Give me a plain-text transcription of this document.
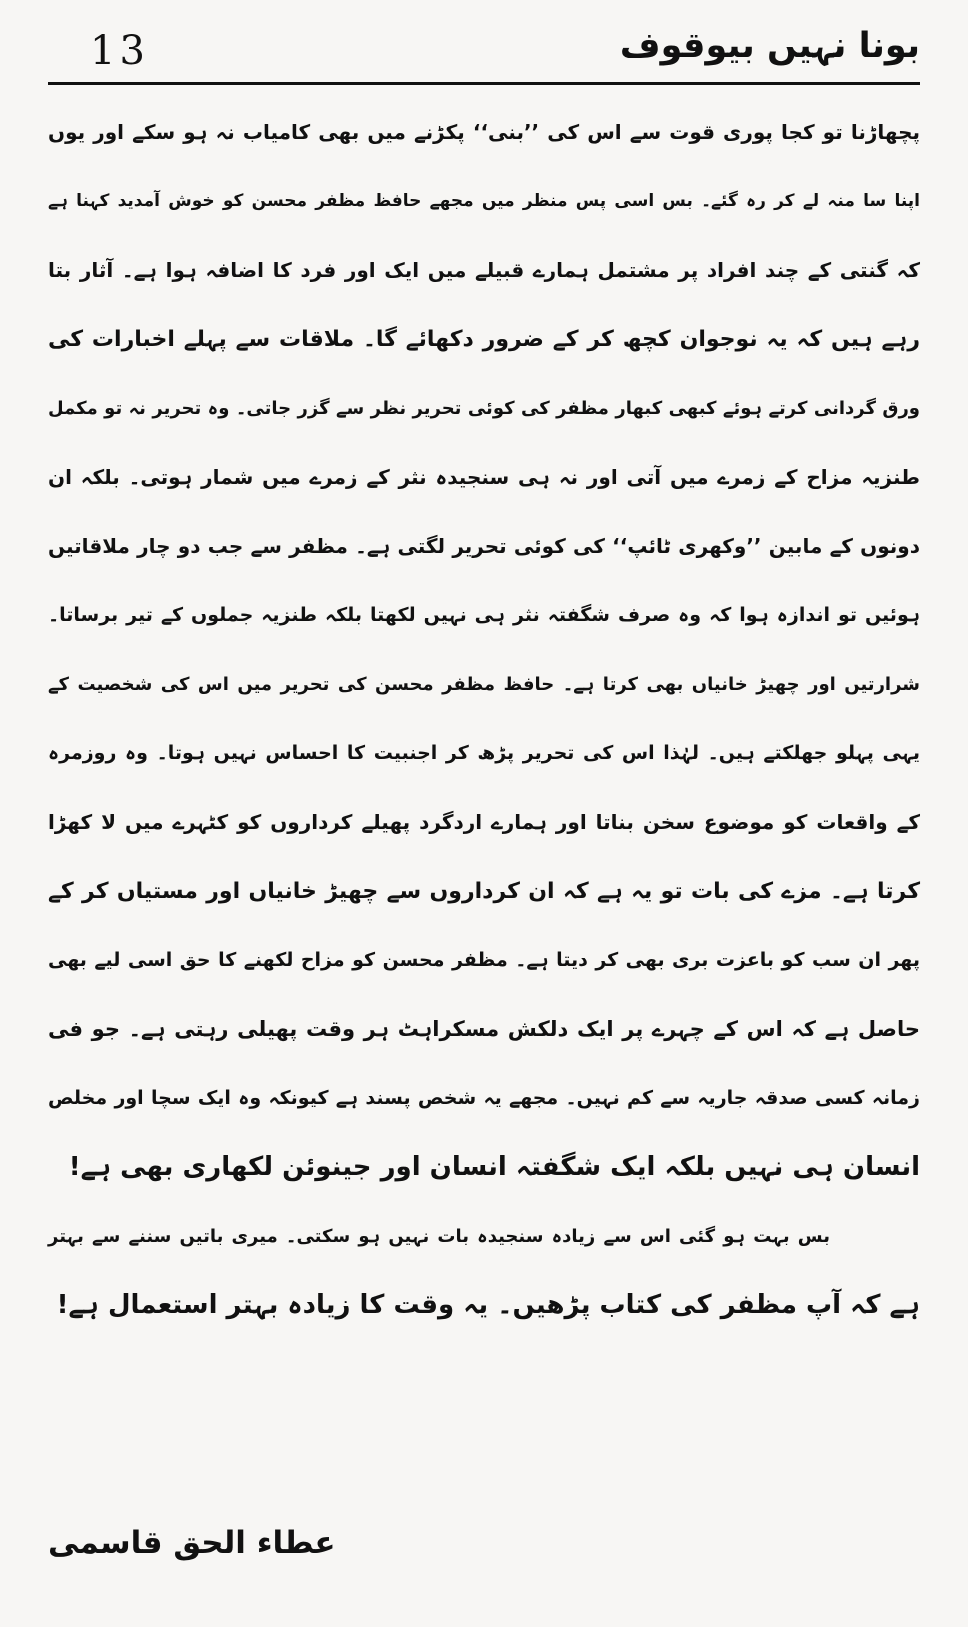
13	بونا نہیں بیوقوف
پچھاڑنا تو کجا پوری قوت سے اس کی ’’بنی‘‘ پکڑنے میں بھی کامیاب نہ ہو سکے اور یوں
اپنا سا منہ لے کر رہ گئے۔ بس اسی پس منظر میں مجھے حافظ مظفر محسن کو خوش آمدید کہنا ہے
کہ گنتی کے چند افراد پر مشتمل ہمارے قبیلے میں ایک اور فرد کا اضافہ ہوا ہے۔ آثار بتا
رہے ہیں کہ یہ نوجوان کچھ کر کے ضرور دکھائے گا۔ ملاقات سے پہلے اخبارات کی
ورق گردانی کرتے ہوئے کبھی کبھار مظفر کی کوئی تحریر نظر سے گزر جاتی۔ وہ تحریر نہ تو مکمل
طنزیہ مزاح کے زمرے میں آتی اور نہ ہی سنجیدہ نثر کے زمرے میں شمار ہوتی۔ بلکہ ان
دونوں کے مابین ’’وکھری ٹائپ‘‘ کی کوئی تحریر لگتی ہے۔ مظفر سے جب دو چار ملاقاتیں
ہوئیں تو اندازہ ہوا کہ وہ صرف شگفتہ نثر ہی نہیں لکھتا بلکہ طنزیہ جملوں کے تیر برساتا۔
شرارتیں اور چھیڑ خانیاں بھی کرتا ہے۔ حافظ مظفر محسن کی تحریر میں اس کی شخصیت کے
یہی پہلو جھلکتے ہیں۔ لہٰذا اس کی تحریر پڑھ کر اجنبیت کا احساس نہیں ہوتا۔ وہ روزمرہ
کے واقعات کو موضوع سخن بناتا اور ہمارے اردگرد پھیلے کرداروں کو کٹہرے میں لا کھڑا
کرتا ہے۔ مزے کی بات تو یہ ہے کہ ان کرداروں سے چھیڑ خانیاں اور مستیاں کر کے
پھر ان سب کو باعزت بری بھی کر دیتا ہے۔ مظفر محسن کو مزاح لکھنے کا حق اسی لیے بھی
حاصل ہے کہ اس کے چہرے پر ایک دلکش مسکراہٹ ہر وقت پھیلی رہتی ہے۔ جو فی
زمانہ کسی صدقہ جاریہ سے کم نہیں۔ مجھے یہ شخص پسند ہے کیونکہ وہ ایک سچا اور مخلص
انسان ہی نہیں بلکہ ایک شگفتہ انسان اور جینوئن لکھاری بھی ہے!
بس بہت ہو گئی اس سے زیادہ سنجیدہ بات نہیں ہو سکتی۔ میری باتیں سننے سے بہتر
ہے کہ آپ مظفر کی کتاب پڑھیں۔ یہ وقت کا زیادہ بہتر استعمال ہے!
عطاء الحق قاسمی
